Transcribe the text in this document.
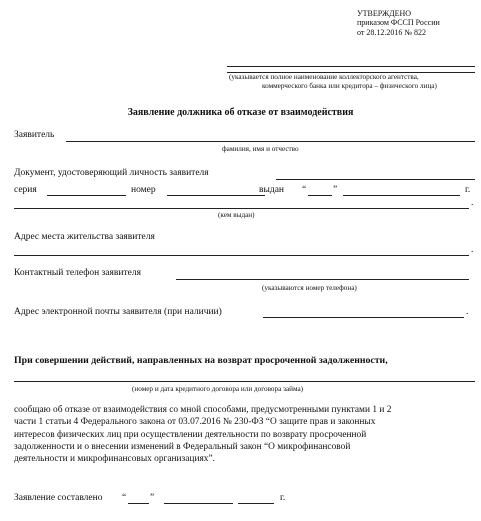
УТВЕРЖДЕНО
приказом ФССП России
от 28.12.2016 № 822
(указывается полное наименование коллекторского агентства,
коммерческого банка или кредитора – физического лица)
Заявление должника об отказе от взаимодействия
Заявитель
фамилия, имя и отчество
Документ, удостоверяющий личность заявителя
серия	номер	выдан “	”	г.
.
(кем выдан)
Адрес места жительства заявителя
.
Контактный телефон заявителя
(указываются номер телефона)
Адрес электронной почты заявителя (при наличии)	.
При совершении действий, направленных на возврат просроченной задолженности,
(номер и дата кредитного договора или договора займа)
сообщаю об отказе от взаимодействия со мной способами, предусмотренными пунктами 1 и 2
части 1 статьи 4 Федерального закона от 03.07.2016 № 230-ФЗ “О защите прав и законных
интересов физических лиц при осуществлении деятельности по возврату просроченной
задолженности и о внесении изменений в Федеральный закон “О микрофинансовой
деятельности и микрофинансовых организациях”.
Заявление составлено “	”	г.
